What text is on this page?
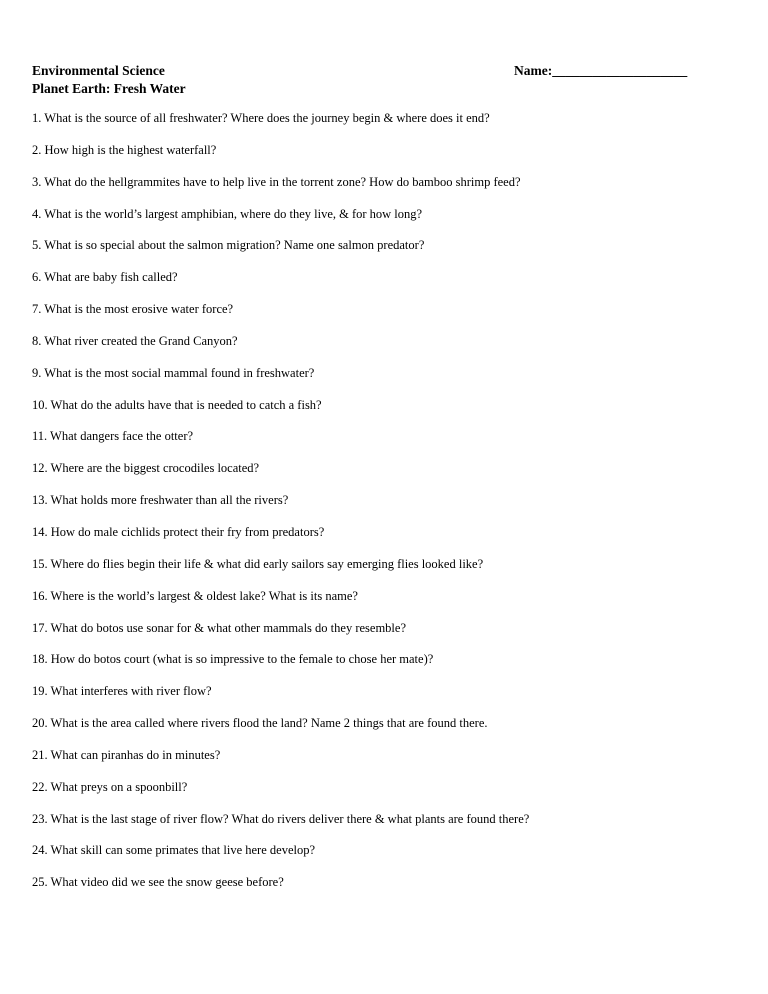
Environmental Science
Planet Earth: Fresh Water
Name:____________________
1. What is the source of all freshwater? Where does the journey begin & where does it end?
2. How high is the highest waterfall?
3. What do the hellgrammites have to help live in the torrent zone? How do bamboo shrimp feed?
4. What is the world’s largest amphibian, where do they live, & for how long?
5. What is so special about the salmon migration? Name one salmon predator?
6. What are baby fish called?
7. What is the most erosive water force?
8. What river created the Grand Canyon?
9. What is the most social mammal found in freshwater?
10. What do the adults have that is needed to catch a fish?
11. What dangers face the otter?
12. Where are the biggest crocodiles located?
13. What holds more freshwater than all the rivers?
14. How do male cichlids protect their fry from predators?
15. Where do flies begin their life & what did early sailors say emerging flies looked like?
16. Where is the world’s largest & oldest lake? What is its name?
17. What do botos use sonar for & what other mammals do they resemble?
18. How do botos court (what is so impressive to the female to chose her mate)?
19. What interferes with river flow?
20. What is the area called where rivers flood the land? Name 2 things that are found there.
21. What can piranhas do in minutes?
22. What preys on a spoonbill?
23. What is the last stage of river flow? What do rivers deliver there & what plants are found there?
24. What skill can some primates that live here develop?
25. What video did we see the snow geese before?
